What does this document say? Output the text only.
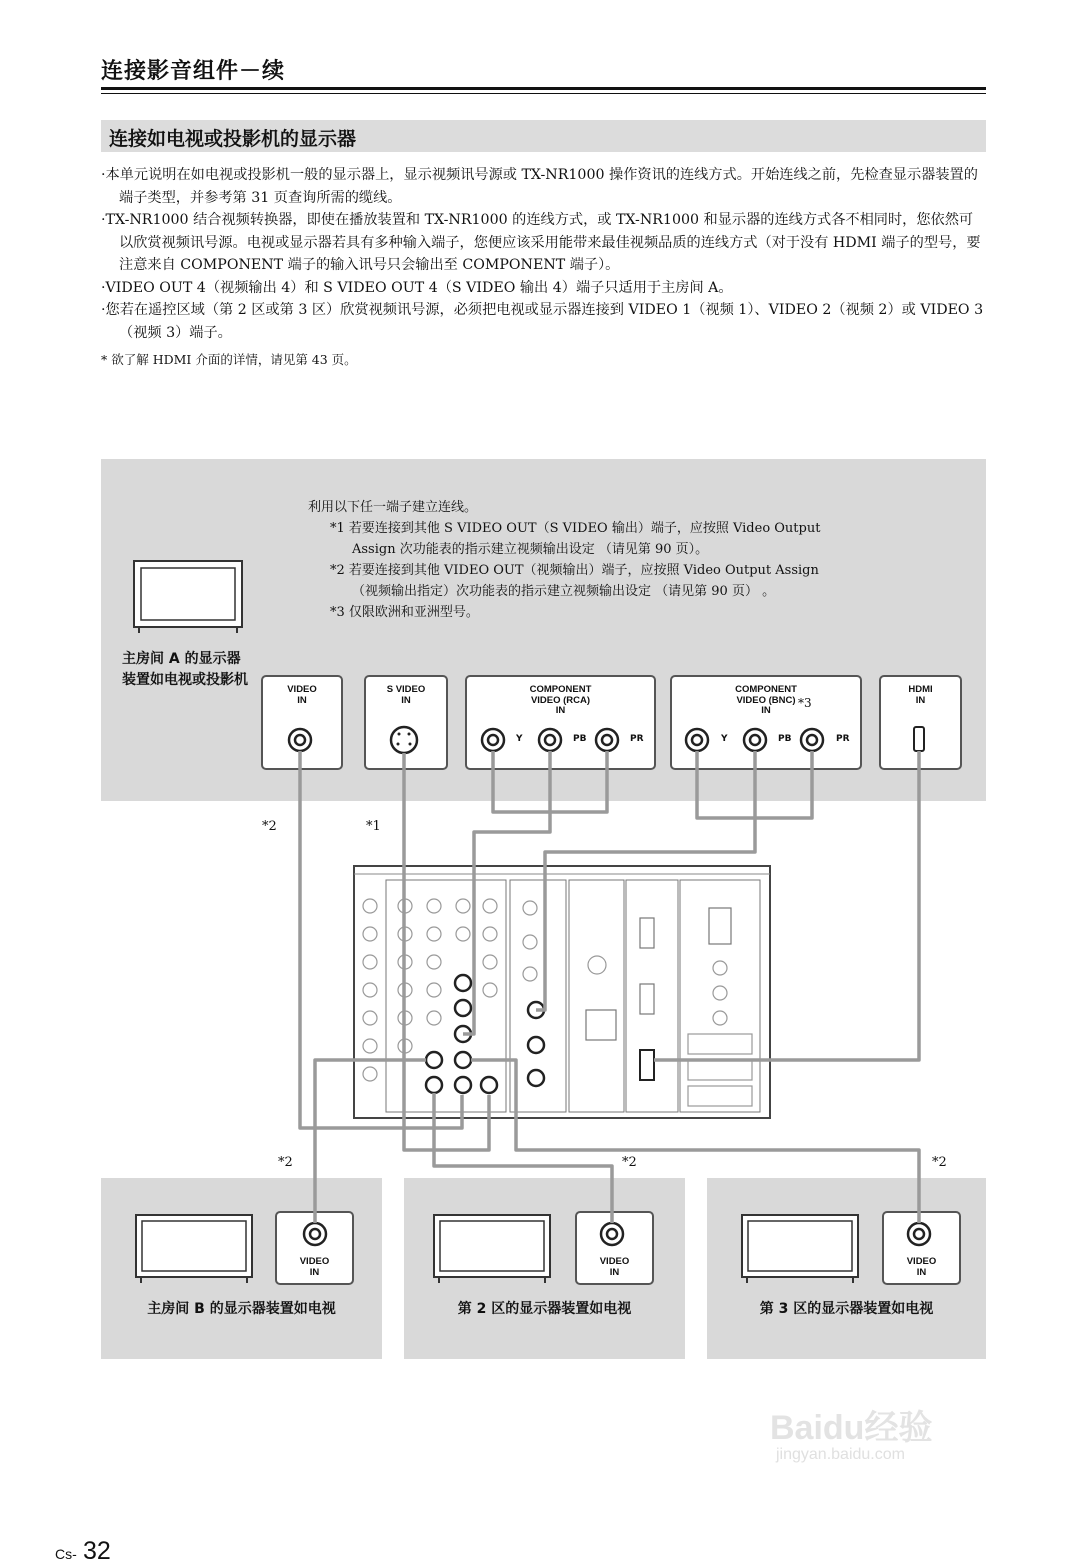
连接影音组件－续
连接如电视或投影机的显示器

·本单元说明在如电视或投影机一般的显示器上，显示视频讯号源或 TX-NR1000 操作资讯的连线方式。开始连线之前，先检查显示器装置的端子类型，并参考第 31 页查询所需的缆线。

·TX-NR1000 结合视频转换器，即使在播放装置和 TX-NR1000 的连线方式，或 TX-NR1000 和显示器的连线方式各不相同时，您依然可以欣赏视频讯号源。电视或显示器若具有多种输入端子，您便应该采用能带来最佳视频品质的连线方式（对于没有 HDMI 端子的型号，要注意来自 COMPONENT 端子的输入讯号只会输出至 COMPONENT 端子）。

·VIDEO OUT 4（视频输出 4）和 S VIDEO OUT 4（S VIDEO 输出 4）端子只适用于主房间 A。

·您若在遥控区域（第 2 区或第 3 区）欣赏视频讯号源，必须把电视或显示器连接到 VIDEO 1（视频 1）、VIDEO 2（视频 2）或 VIDEO 3（视频 3）端子。

* 欲了解 HDMI 介面的详情，请见第 43 页。

利用以下任一端子建立连线。
*1 若要连接到其他 S VIDEO OUT（S VIDEO 输出）端子，应按照 Video Output
Assign 次功能表的指示建立视频输出设定 （请见第 90 页）。
*2 若要连接到其他 VIDEO OUT（视频输出）端子，应按照 Video Output Assign
（视频输出指定）次功能表的指示建立视频输出设定 （请见第 90 页） 。
*3 仅限欧洲和亚洲型号。
主房间 A 的显示器装置如电视或投影机
VIDEO
IN
S VIDEO
IN
COMPONENT
VIDEO (RCA)
IN
COMPONENT
VIDEO (BNC)
IN
*3
HDMI
IN
Y	PB	PR	Y	PB	PR
主房间 B 的显示器装置如电视	第 2 区的显示器装置如电视	第 3 区的显示器装置如电视
VIDEO
IN
VIDEO
IN
VIDEO
IN
*2	*1
*2	*2	*2
Cs- 32
Baidu经验
jingyan.baidu.com
